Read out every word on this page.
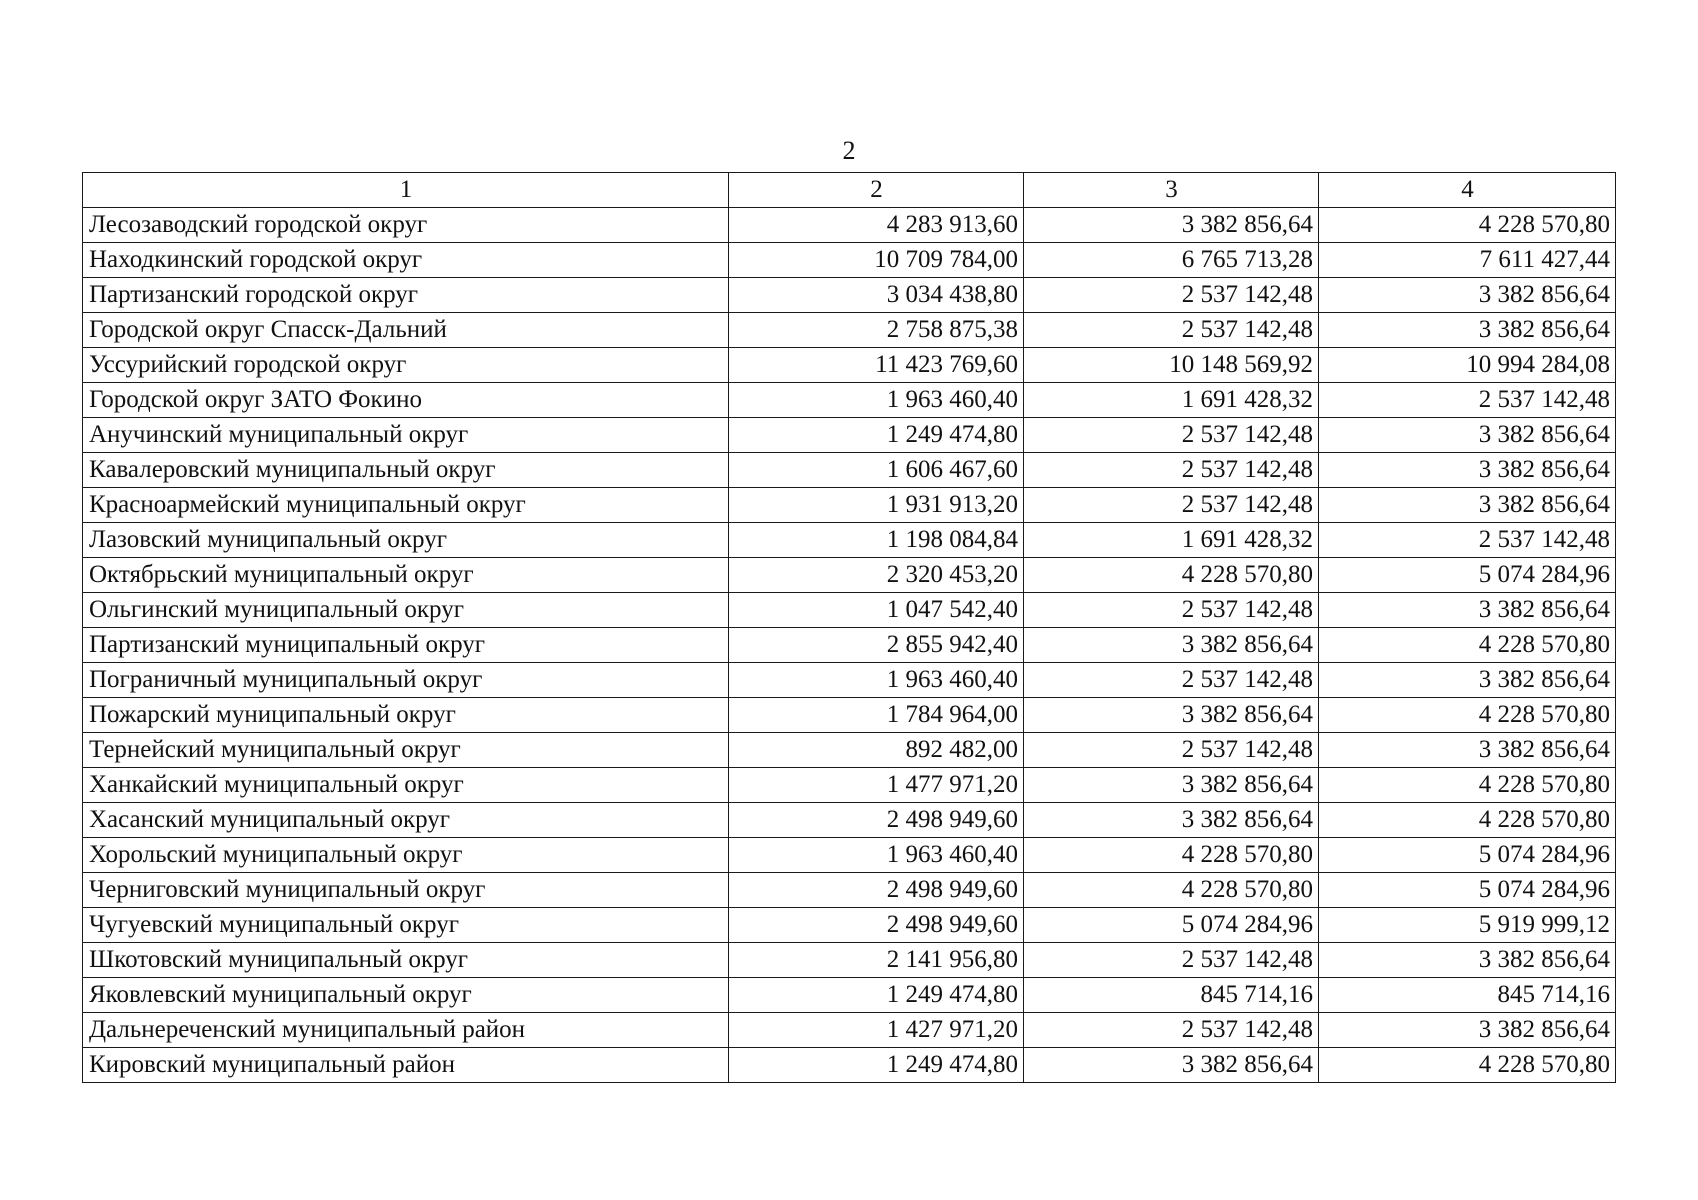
2
1	2	3	4
Лесозаводский городской округ	4 283 913,60	3 382 856,64	4 228 570,80
Находкинский городской округ	10 709 784,00	6 765 713,28	7 611 427,44
Партизанский городской округ	3 034 438,80	2 537 142,48	3 382 856,64
Городской округ Спасск-Дальний	2 758 875,38	2 537 142,48	3 382 856,64
Уссурийский городской округ	11 423 769,60	10 148 569,92	10 994 284,08
Городской округ ЗАТО Фокино	1 963 460,40	1 691 428,32	2 537 142,48
Анучинский муниципальный округ	1 249 474,80	2 537 142,48	3 382 856,64
Кавалеровский муниципальный округ	1 606 467,60	2 537 142,48	3 382 856,64
Красноармейский муниципальный округ	1 931 913,20	2 537 142,48	3 382 856,64
Лазовский муниципальный округ	1 198 084,84	1 691 428,32	2 537 142,48
Октябрьский муниципальный округ	2 320 453,20	4 228 570,80	5 074 284,96
Ольгинский муниципальный округ	1 047 542,40	2 537 142,48	3 382 856,64
Партизанский муниципальный округ	2 855 942,40	3 382 856,64	4 228 570,80
Пограничный муниципальный округ	1 963 460,40	2 537 142,48	3 382 856,64
Пожарский муниципальный округ	1 784 964,00	3 382 856,64	4 228 570,80
Тернейский муниципальный округ	892 482,00	2 537 142,48	3 382 856,64
Ханкайский муниципальный округ	1 477 971,20	3 382 856,64	4 228 570,80
Хасанский муниципальный округ	2 498 949,60	3 382 856,64	4 228 570,80
Хорольский муниципальный округ	1 963 460,40	4 228 570,80	5 074 284,96
Черниговский муниципальный округ	2 498 949,60	4 228 570,80	5 074 284,96
Чугуевский муниципальный округ	2 498 949,60	5 074 284,96	5 919 999,12
Шкотовский муниципальный округ	2 141 956,80	2 537 142,48	3 382 856,64
Яковлевский муниципальный округ	1 249 474,80	845 714,16	845 714,16
Дальнереченский муниципальный район	1 427 971,20	2 537 142,48	3 382 856,64
Кировский муниципальный район	1 249 474,80	3 382 856,64	4 228 570,80
